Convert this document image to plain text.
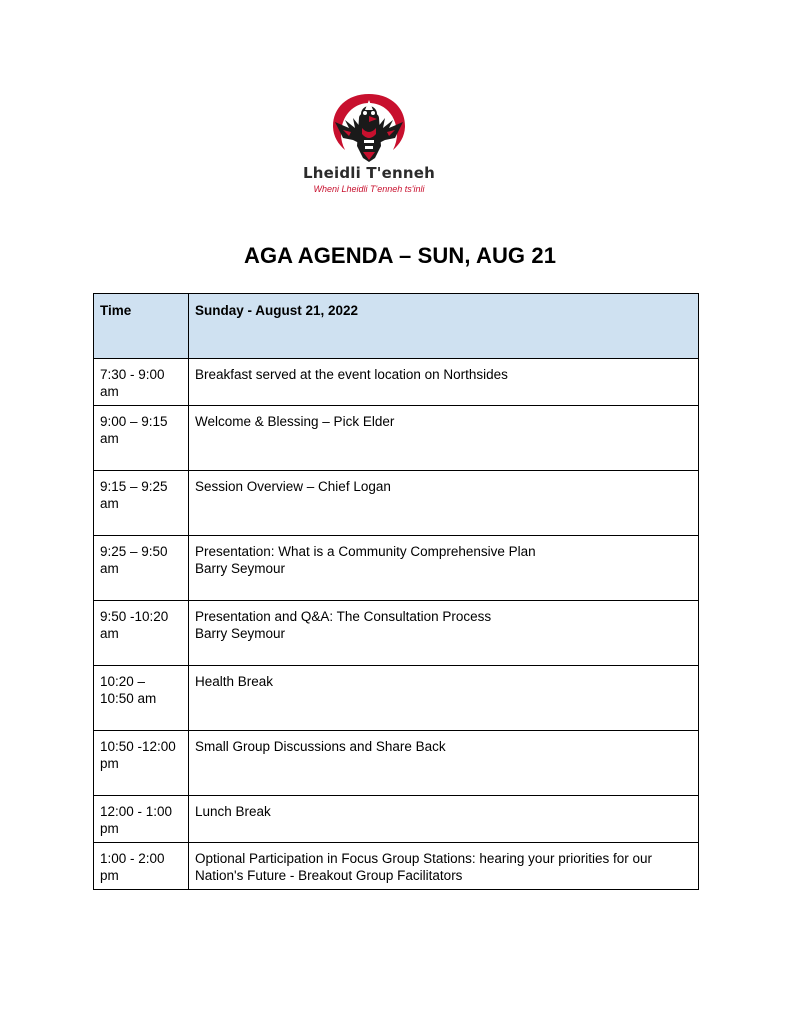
Lheidli T'enneh
Wheni Lheidli T'enneh ts'inli
AGA AGENDA – SUN, AUG 21
Time	Sunday - August 21, 2022
7:30 - 9:00 am	Breakfast served at the event location on Northsides

9:00 – 9:15 am	Welcome & Blessing – Pick Elder

9:15 – 9:25 am	Session Overview – Chief Logan

9:25 – 9:50 am	Presentation: What is a Community Comprehensive Plan
Barry Seymour

9:50 -10:20 am	Presentation and Q&A: The Consultation Process
Barry Seymour

10:20 – 10:50 am	Health Break

10:50 -12:00 pm	Small Group Discussions and Share Back

12:00 - 1:00 pm	Lunch Break

1:00 - 2:00 pm	Optional Participation in Focus Group Stations: hearing your priorities for our Nation's Future - Breakout Group Facilitators
